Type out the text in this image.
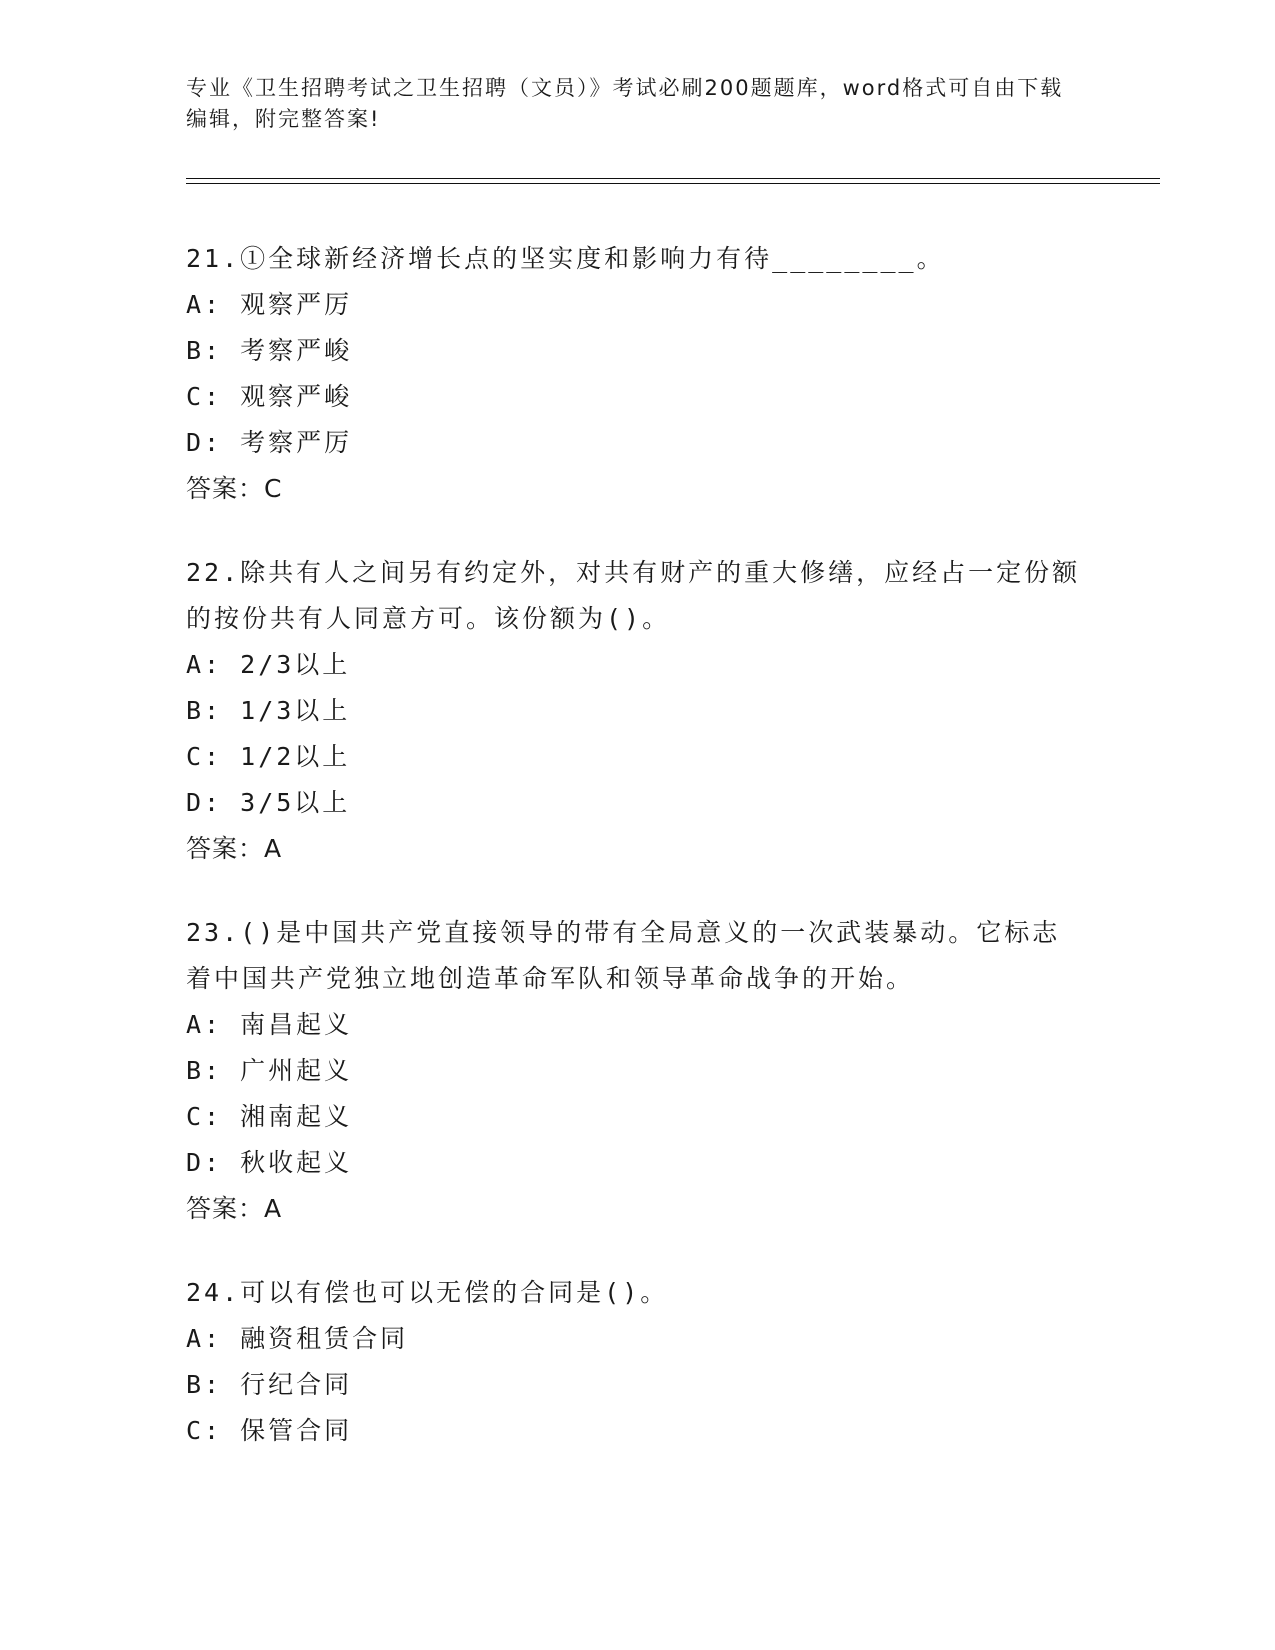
专业《卫生招聘考试之卫生招聘（文员）》考试必刷200题题库，word格式可自由下载编辑，附完整答案!

21.①全球新经济增长点的坚实度和影响力有待________。

A: 观察严厉

B: 考察严峻

C: 观察严峻

D: 考察严厉

答案：C

22.除共有人之间另有约定外，对共有财产的重大修缮，应经占一定份额的按份共有人同意方可。该份额为()。

A: 2/3以上

B: 1/3以上

C: 1/2以上

D: 3/5以上

答案：A

23.()是中国共产党直接领导的带有全局意义的一次武装暴动。它标志着中国共产党独立地创造革命军队和领导革命战争的开始。

A: 南昌起义

B: 广州起义

C: 湘南起义

D: 秋收起义

答案：A

24.可以有偿也可以无偿的合同是()。

A: 融资租赁合同

B: 行纪合同

C: 保管合同
